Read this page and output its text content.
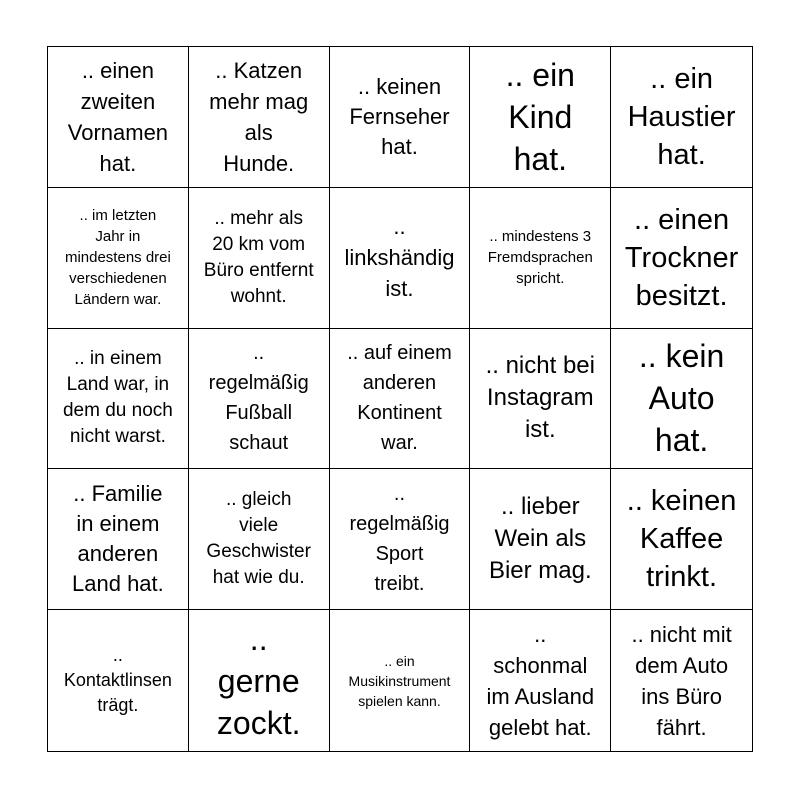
.. einen
zweiten
Vornamen
hat.
.. Katzen
mehr mag
als
Hunde.
.. keinen
Fernseher
hat.
.. ein
Kind
hat.
.. ein
Haustier
hat.
.. im letzten
Jahr in
mindestens drei
verschiedenen
Ländern war.
.. mehr als
20 km vom
Büro entfernt
wohnt.
..
linkshändig
ist.
.. mindestens 3
Fremdsprachen
spricht.
.. einen
Trockner
besitzt.
.. in einem
Land war, in
dem du noch
nicht warst.
..
regelmäßig
Fußball
schaut
.. auf einem
anderen
Kontinent
war.
.. nicht bei
Instagram
ist.
.. kein
Auto
hat.
.. Familie
in einem
anderen
Land hat.
.. gleich
viele
Geschwister
hat wie du.
..
regelmäßig
Sport
treibt.
.. lieber
Wein als
Bier mag.
.. keinen
Kaffee
trinkt.
..
Kontaktlinsen
trägt.
..
gerne
zockt.
.. ein
Musikinstrument
spielen kann.
..
schonmal
im Ausland
gelebt hat.
.. nicht mit
dem Auto
ins Büro
fährt.
